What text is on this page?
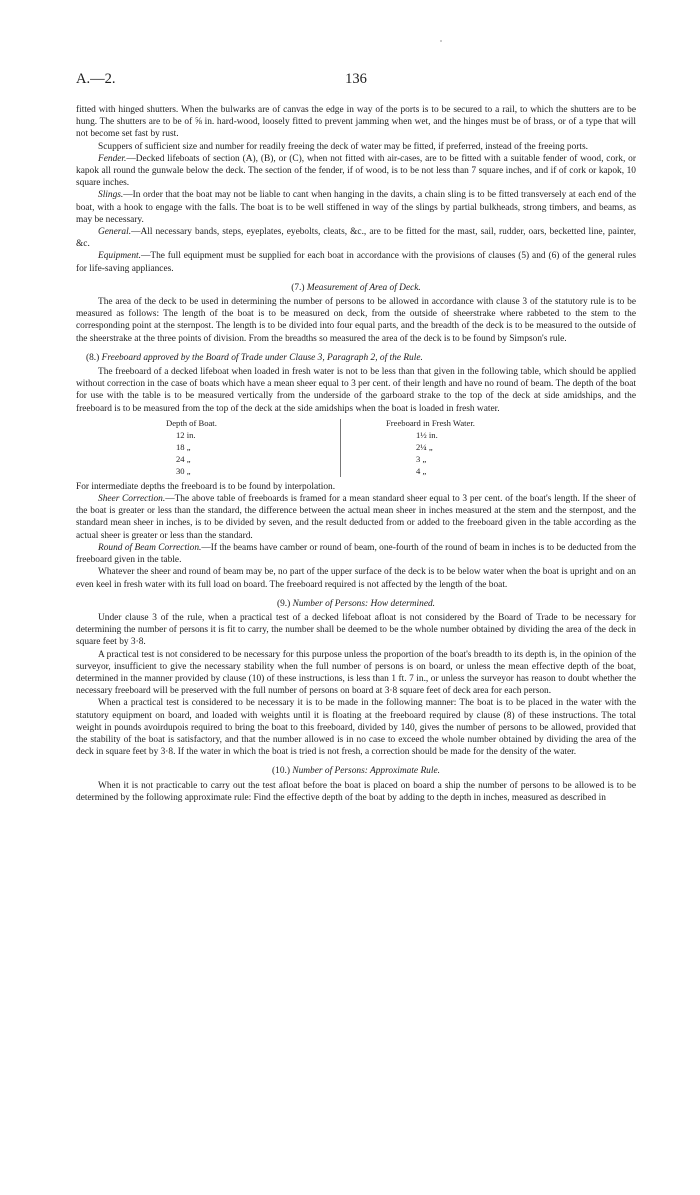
A.—2.	136

fitted with hinged shutters. When the bulwarks are of canvas the edge in way of the ports is to be secured to a rail, to which the shutters are to be hung. The shutters are to be of ⅝ in. hard-wood, loosely fitted to prevent jamming when wet, and the hinges must be of brass, or of a type that will not become set fast by rust.

Scuppers of sufficient size and number for readily freeing the deck of water may be fitted, if preferred, instead of the freeing ports.

Fender.—Decked lifeboats of section (A), (B), or (C), when not fitted with air-cases, are to be fitted with a suitable fender of wood, cork, or kapok all round the gunwale below the deck. The section of the fender, if of wood, is to be not less than 7 square inches, and if of cork or kapok, 10 square inches.

Slings.—In order that the boat may not be liable to cant when hanging in the davits, a chain sling is to be fitted transversely at each end of the boat, with a hook to engage with the falls. The boat is to be well stiffened in way of the slings by partial bulkheads, strong timbers, and beams, as may be necessary.

General.—All necessary bands, steps, eyeplates, eyebolts, cleats, &c., are to be fitted for the mast, sail, rudder, oars, becketted line, painter, &c.

Equipment.—The full equipment must be supplied for each boat in accordance with the provisions of clauses (5) and (6) of the general rules for life-saving appliances.

(7.) Measurement of Area of Deck.

The area of the deck to be used in determining the number of persons to be allowed in accordance with clause 3 of the statutory rule is to be measured as follows: The length of the boat is to be measured on deck, from the outside of sheerstrake where rabbeted to the stem to the corresponding point at the sternpost. The length is to be divided into four equal parts, and the breadth of the deck is to be measured to the outside of the sheerstrake at the three points of division. From the breadths so measured the area of the deck is to be found by Simpson's rule.

(8.) Freeboard approved by the Board of Trade under Clause 3, Paragraph 2, of the Rule.

The freeboard of a decked lifeboat when loaded in fresh water is not to be less than that given in the following table, which should be applied without correction in the case of boats which have a mean sheer equal to 3 per cent. of their length and have no round of beam. The depth of the boat for use with the table is to be measured vertically from the underside of the garboard strake to the top of the deck at side amidships, and the freeboard is to be measured from the top of the deck at the side amidships when the boat is loaded in fresh water.

Depth of Boat.	Freeboard in Fresh Water.
12 in.	1½ in.
18 „	2¼ „
24 „	3 „
30 „	4 „

For intermediate depths the freeboard is to be found by interpolation.

Sheer Correction.—The above table of freeboards is framed for a mean standard sheer equal to 3 per cent. of the boat's length. If the sheer of the boat is greater or less than the standard, the difference between the actual mean sheer in inches measured at the stem and the sternpost, and the standard mean sheer in inches, is to be divided by seven, and the result deducted from or added to the freeboard given in the table according as the actual sheer is greater or less than the standard.

Round of Beam Correction.—If the beams have camber or round of beam, one-fourth of the round of beam in inches is to be deducted from the freeboard given in the table.

Whatever the sheer and round of beam may be, no part of the upper surface of the deck is to be below water when the boat is upright and on an even keel in fresh water with its full load on board. The freeboard required is not affected by the length of the boat.

(9.) Number of Persons: How determined.

Under clause 3 of the rule, when a practical test of a decked lifeboat afloat is not considered by the Board of Trade to be necessary for determining the number of persons it is fit to carry, the number shall be deemed to be the whole number obtained by dividing the area of the deck in square feet by 3·8.

A practical test is not considered to be necessary for this purpose unless the proportion of the boat's breadth to its depth is, in the opinion of the surveyor, insufficient to give the necessary stability when the full number of persons is on board, or unless the mean effective depth of the boat, determined in the manner provided by clause (10) of these instructions, is less than 1 ft. 7 in., or unless the surveyor has reason to doubt whether the necessary freeboard will be preserved with the full number of persons on board at 3·8 square feet of deck area for each person.

When a practical test is considered to be necessary it is to be made in the following manner: The boat is to be placed in the water with the statutory equipment on board, and loaded with weights until it is floating at the freeboard required by clause (8) of these instructions. The total weight in pounds avoirdupois required to bring the boat to this freeboard, divided by 140, gives the number of persons to be allowed, provided that the stability of the boat is satisfactory, and that the number allowed is in no case to exceed the whole number obtained by dividing the area of the deck in square feet by 3·8. If the water in which the boat is tried is not fresh, a correction should be made for the density of the water.

(10.) Number of Persons: Approximate Rule.

When it is not practicable to carry out the test afloat before the boat is placed on board a ship the number of persons to be allowed is to be determined by the following approximate rule: Find the effective depth of the boat by adding to the depth in inches, measured as described in
